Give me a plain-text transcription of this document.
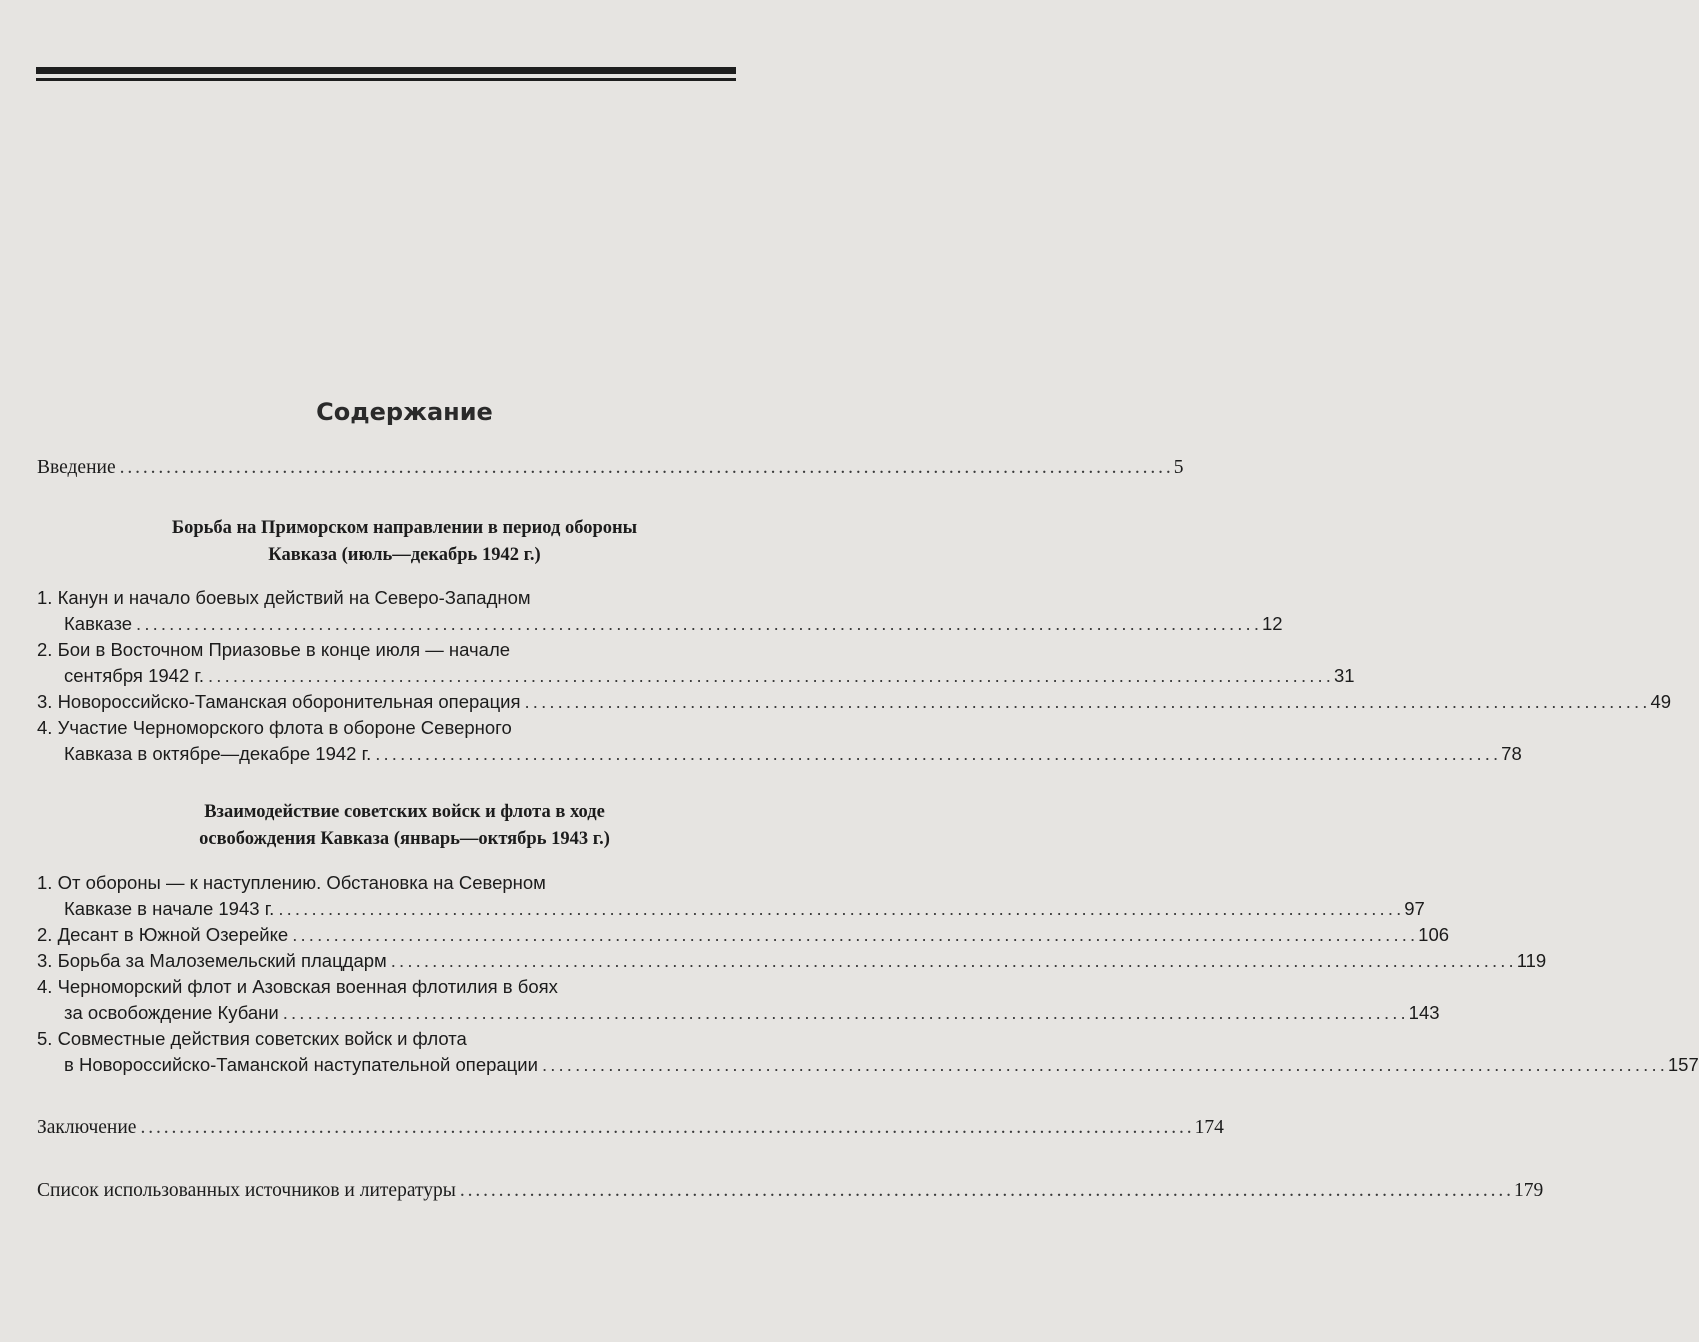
Содержание
Введение . . .	5
Борьба на Приморском направлении в период обороны
Кавказа (июль—декабрь 1942 г.)
1. Канун и начало боевых действий на Северо-Западном
Кавказе . . .	12
2. Бои в Восточном Приазовье в конце июля — начале
сентября 1942 г. . . .	31
3. Новороссийско-Таманская оборонительная операция . . .	49
4. Участие Черноморского флота в обороне Северного
Кавказа в октябре—декабре 1942 г. . . .	78
Взаимодействие советских войск и флота в ходе
освобождения Кавказа (январь—октябрь 1943 г.)
1. От обороны — к наступлению. Обстановка на Северном
Кавказе в начале 1943 г. . . .	97
2. Десант в Южной Озерейке . . .	106
3. Борьба за Малоземельский плацдарм . . .	119
4. Черноморский флот и Азовская военная флотилия в боях
за освобождение Кубани . . .	143
5. Совместные действия советских войск и флота
в Новороссийско-Таманской наступательной операции . . .	157
Заключение . . .	174
Список использованных источников и литературы . . .	179
